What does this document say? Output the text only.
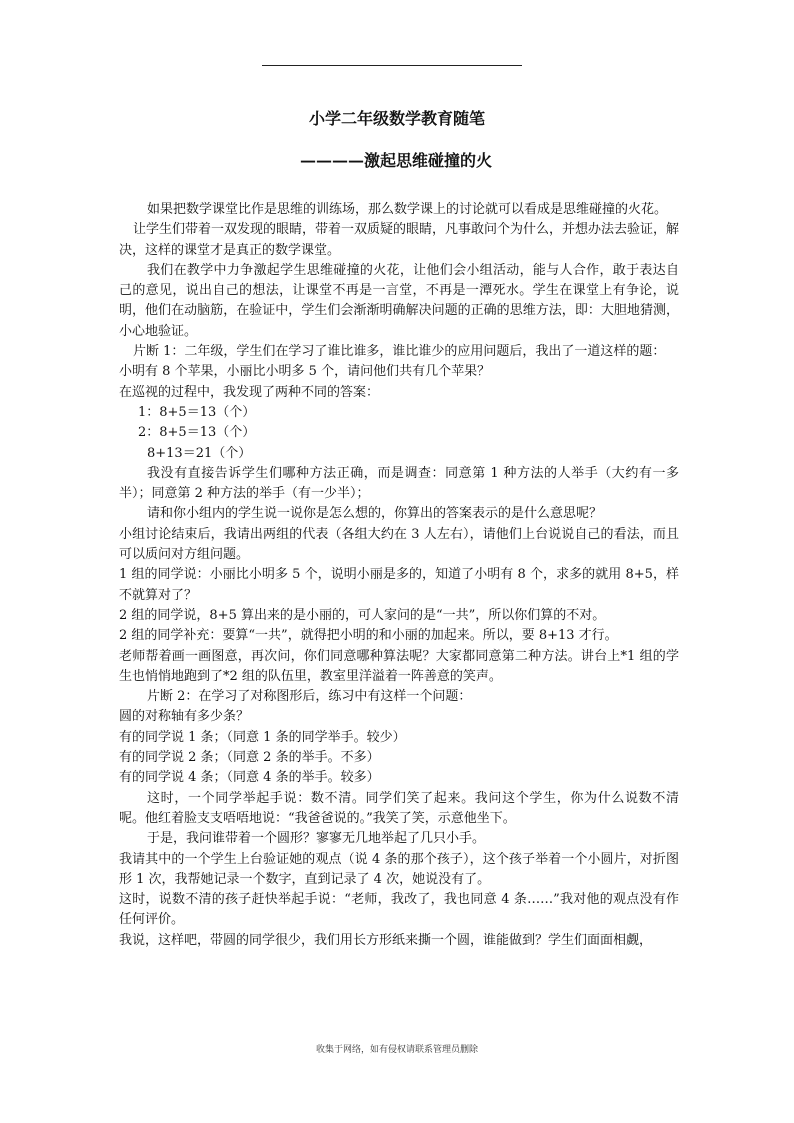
小学二年级数学教育随笔
————激起思维碰撞的火

如果把数学课堂比作是思维的训练场，那么数学课上的讨论就可以看成是思维碰撞的火花。

让学生们带着一双发现的眼睛，带着一双质疑的眼睛，凡事敢问个为什么，并想办法去验证，解决，这样的课堂才是真正的数学课堂。

我们在教学中力争激起学生思维碰撞的火花，让他们会小组活动，能与人合作，敢于表达自己的意见，说出自己的想法，让课堂不再是一言堂，不再是一潭死水。学生在课堂上有争论，说明，他们在动脑筋，在验证中，学生们会渐渐明确解决问题的正确的思维方法，即：大胆地猜测，小心地验证。

片断 1：二年级，学生们在学习了谁比谁多，谁比谁少的应用问题后，我出了一道这样的题：

小明有 8 个苹果，小丽比小明多 5 个，请问他们共有几个苹果？

在巡视的过程中，我发现了两种不同的答案：

1：8+5＝13（个）

2：8+5＝13（个）

8+13＝21（个）

我没有直接告诉学生们哪种方法正确，而是调查：同意第 1 种方法的人举手（大约有一多半）；同意第 2 种方法的举手（有一少半）；

请和你小组内的学生说一说你是怎么想的，你算出的答案表示的是什么意思呢？

小组讨论结束后，我请出两组的代表（各组大约在 3 人左右），请他们上台说说自己的看法，而且可以质问对方组问题。

1 组的同学说：小丽比小明多 5 个，说明小丽是多的，知道了小明有 8 个，求多的就用 8+5，样不就算对了？

2 组的同学说，8+5 算出来的是小丽的，可人家问的是“一共”，所以你们算的不对。

2 组的同学补充：要算“一共”，就得把小明的和小丽的加起来。所以，要 8+13 才行。

老师帮着画一画图意，再次问，你们同意哪种算法呢？大家都同意第二种方法。讲台上*1 组的学生也悄悄地跑到了*2 组的队伍里，教室里洋溢着一阵善意的笑声。

片断 2：在学习了对称图形后，练习中有这样一个问题：

圆的对称轴有多少条？

有的同学说 1 条；（同意 1 条的同学举手。较少）

有的同学说 2 条；（同意 2 条的举手。不多）

有的同学说 4 条；（同意 4 条的举手。较多）

这时，一个同学举起手说：数不清。同学们笑了起来。我问这个学生，你为什么说数不清呢。他红着脸支支唔唔地说：“我爸爸说的。”我笑了笑，示意他坐下。

于是，我问谁带着一个圆形？寥寥无几地举起了几只小手。

我请其中的一个学生上台验证她的观点（说 4 条的那个孩子），这个孩子举着一个小圆片，对折图形 1 次，我帮她记录一个数字，直到记录了 4 次，她说没有了。

这时，说数不清的孩子赶快举起手说：“老师，我改了，我也同意 4 条……”我对他的观点没有作任何评价。

我说，这样吧，带圆的同学很少，我们用长方形纸来撕一个圆，谁能做到？学生们面面相觑，

收集于网络，如有侵权请联系管理员删除
